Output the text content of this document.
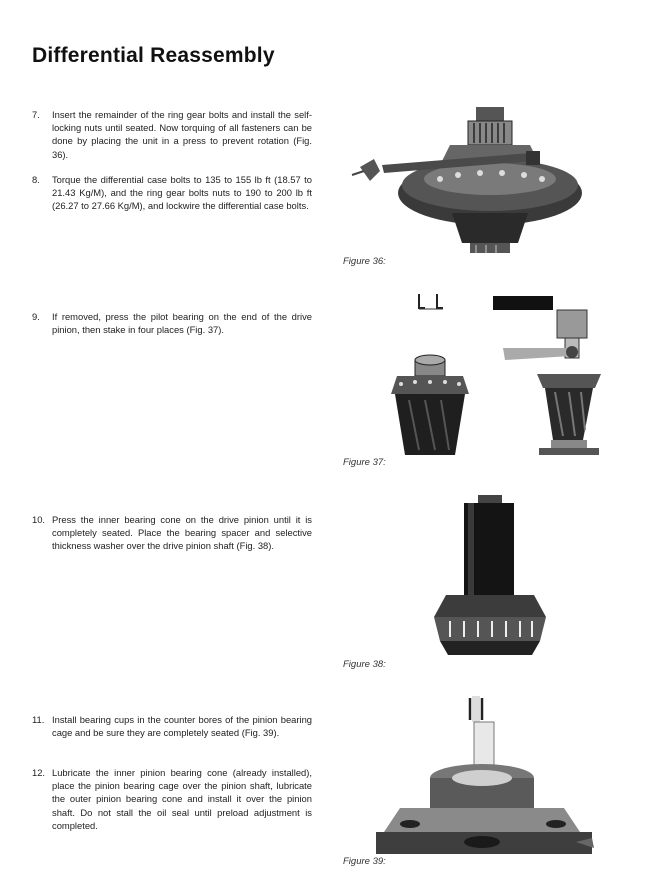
Differential Reassembly
7.	Insert the remainder of the ring gear bolts and install the self-locking nuts until seated. Now torquing of all fasteners can be done by placing the unit in a press to prevent rotation (Fig. 36).
8.	Torque the differential case bolts to 135 to 155 lb ft (18.57 to 21.43 Kg/M), and the ring gear bolts nuts to 190 to 200 lb ft (26.27 to 27.66 Kg/M), and lockwire the differential case bolts.
9.	If removed, press the pilot bearing on the end of the drive pinion, then stake in four places (Fig. 37).
10. Press the inner bearing cone on the drive pinion until it is completely seated. Place the bearing spacer and selective thickness washer over the drive pinion shaft (Fig. 38).
11. Install bearing cups in the counter bores of the pinion bearing cage and be sure they are completely seated (Fig. 39).
12. Lubricate the inner pinion bearing cone (already installed), place the pinion bearing cage over the pinion shaft, lubricate the outer pinion bearing cone and install it over the pinion shaft. Do not stall the oil seal until preload adjustment is completed.
Figure 36:
Figure 37:
Figure 38:
Figure 39:
